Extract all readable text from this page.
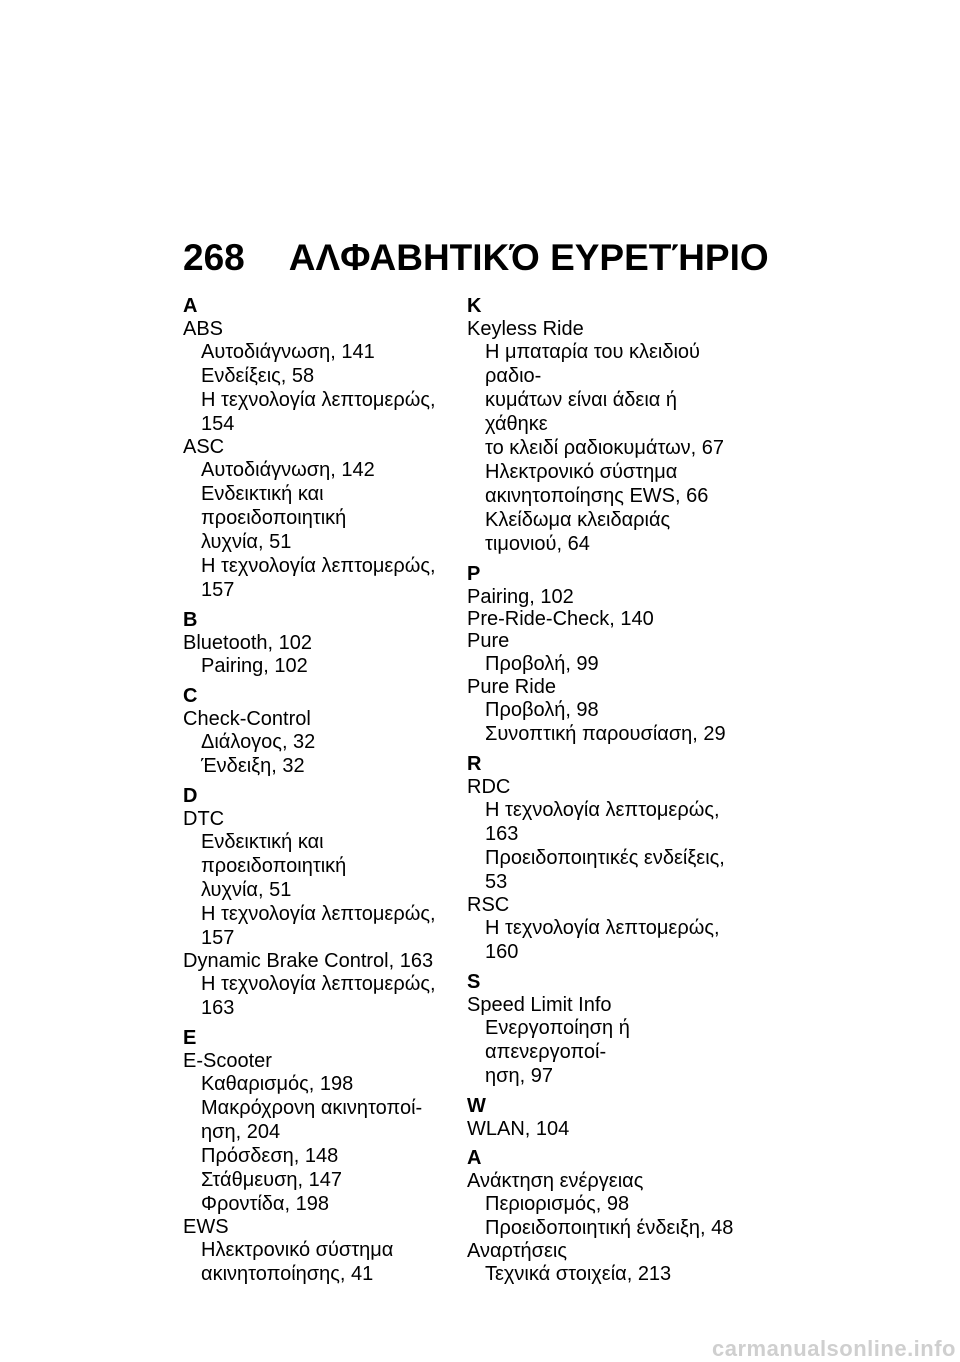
268 ΑΛΦΑΒΗΤΙΚΌ ΕΥΡΕΤΉΡΙΟ
A
ABS
Αυτοδιάγνωση, 141
Ενδείξεις, 58
Η τεχνολογία λεπτομερώς, 154
ASC
Αυτοδιάγνωση, 142
Ενδεικτική και προειδοποιητική
λυχνία, 51
Η τεχνολογία λεπτομερώς, 157
B
Bluetooth, 102
Pairing, 102
C
Check-Control
Διάλογος, 32
Ένδειξη, 32
D
DTC
Ενδεικτική και προειδοποιητική
λυχνία, 51
Η τεχνολογία λεπτομερώς, 157
Dynamic Brake Control, 163
Η τεχνολογία λεπτομερώς, 163
E
E-Scooter
Καθαρισμός, 198
Μακρόχρονη ακινητοποί-
ηση, 204
Πρόσδεση, 148
Στάθμευση, 147
Φροντίδα, 198
EWS
Ηλεκτρονικό σύστημα
ακινητοποίησης, 41
K
Keyless Ride
Η μπαταρία του κλειδιού ραδιο-
κυμάτων είναι άδεια ή χάθηκε
το κλειδί ραδιοκυμάτων, 67
Ηλεκτρονικό σύστημα
ακινητοποίησης EWS, 66
Κλείδωμα κλειδαριάς
τιμονιού, 64
P
Pairing, 102
Pre-Ride-Check, 140
Pure
Προβολή, 99
Pure Ride
Προβολή, 98
Συνοπτική παρουσίαση, 29
R
RDC
Η τεχνολογία λεπτομερώς, 163
Προειδοποιητικές ενδείξεις, 53
RSC
Η τεχνολογία λεπτομερώς, 160
S
Speed Limit Info
Ενεργοποίηση ή απενεργοποί-
ηση, 97
W
WLAN, 104
Α
Ανάκτηση ενέργειας
Περιορισμός, 98
Προειδοποιητική ένδειξη, 48
Αναρτήσεις
Τεχνικά στοιχεία, 213
carmanualsonline.info
